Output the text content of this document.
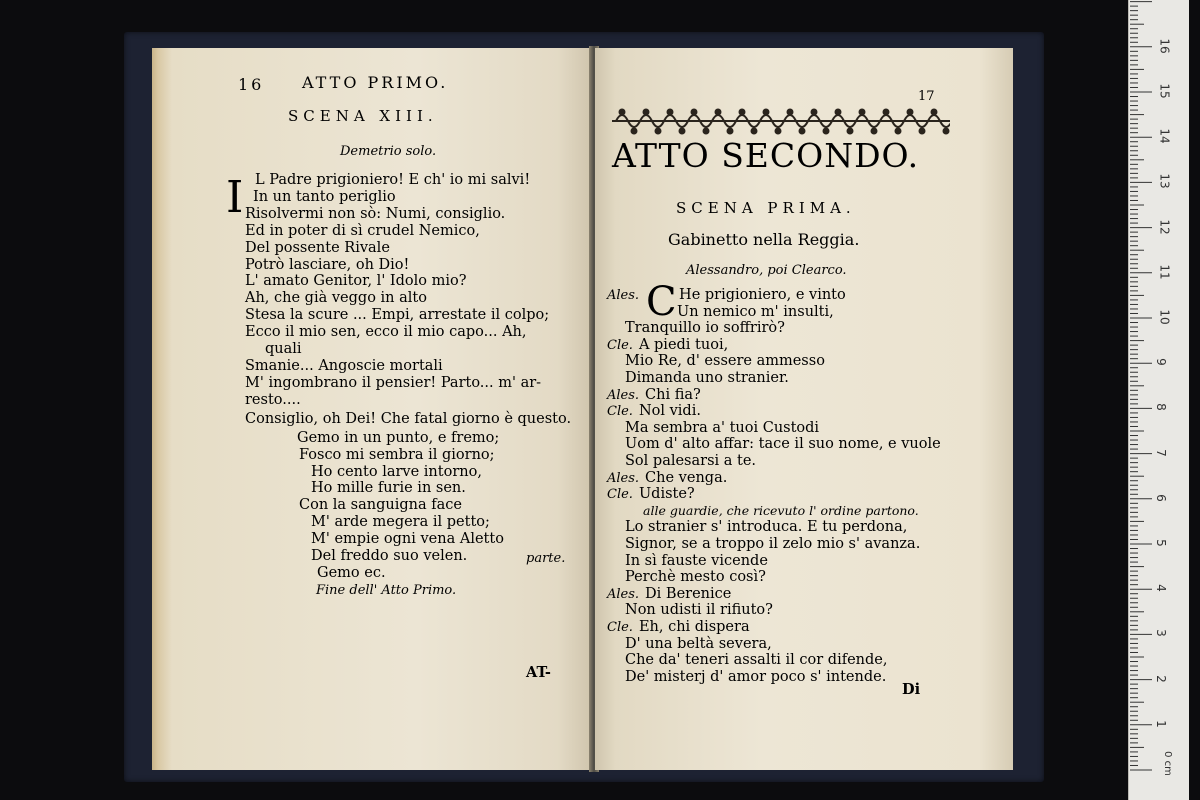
16 ATTO PRIMO.
SCENA XIII.
Demetrio solo.
I L Padre prigioniero! E ch' io mi salvi!
In un tanto periglio
Risolvermi non sò: Numi, consiglio.
Ed in poter di sì crudel Nemico,
Del possente Rivale
Potrò lasciare, oh Dio!
L' amato Genitor, l' Idolo mio?
Ah, che già veggo in alto
Stesa la scure ... Empi, arrestate il colpo;
Ecco il mio sen, ecco il mio capo... Ah,
quali
Smanie... Angoscie mortali
M' ingombrano il pensier! Parto... m' ar-
resto....
Consiglio, oh Dei! Che fatal giorno è questo.
Gemo in un punto, e fremo;
Fosco mi sembra il giorno;
Ho cento larve intorno,
Ho mille furie in sen.
Con la sanguigna face
M' arde megera il petto;
M' empie ogni vena Aletto
Del freddo suo velen.
Gemo ec.
parte.
Fine dell' Atto Primo.
AT-
17
ATTO SECONDO.
SCENA PRIMA.
Gabinetto nella Reggia.
Alessandro, poi Clearco.
C
Ales.	He prigioniero, e vinto
Un nemico m' insulti,
Tranquillo io soffrirò?
Cle. A piedi tuoi,
Mio Re, d' essere ammesso
Dimanda uno stranier.
Ales. Chi fia?
Cle. Nol vidi.
Ma sembra a' tuoi Custodi
Uom d' alto affar: tace il suo nome, e vuole
Sol palesarsi a te.
Ales. Che venga.
Cle. Udiste?
alle guardie, che ricevuto l' ordine partono.
Lo stranier s' introduca. E tu perdona,
Signor, se a troppo il zelo mio s' avanza.
In sì fauste vicende
Perchè mesto così?
Ales. Di Berenice
Non udisti il rifiuto?
Cle. Eh, chi dispera
D' una beltà severa,
Che da' teneri assalti il cor difende,
De' misterj d' amor poco s' intende.
Di
1
2
3
4
5
6
7
8
9
10
11
12
13
14
15
16
0 cm
